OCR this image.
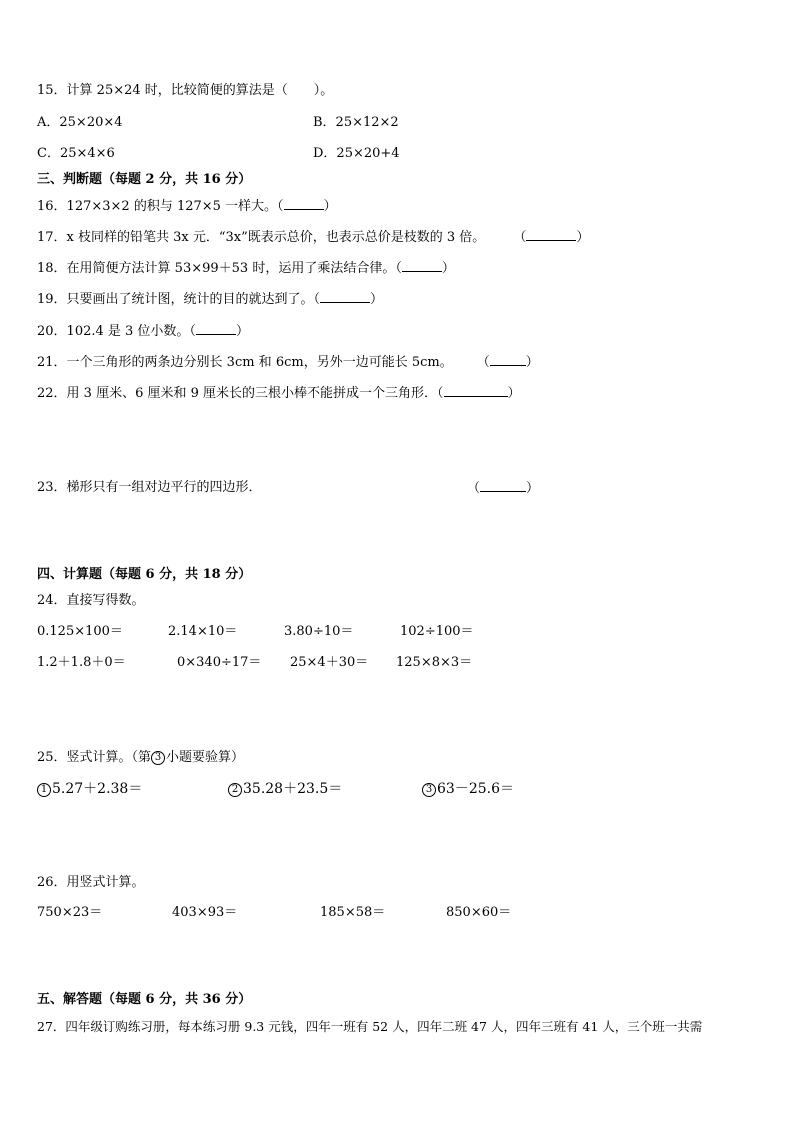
15．计算 25×24 时，比较简便的算法是（　　）。
A．25×20×4	B．25×12×2
C．25×4×6	D．25×20+4
三、判断题（每题 2 分，共 16 分）
16．127×3×2 的积与 127×5 一样大。（	）
17．x 枝同样的铅笔共 3x 元．“3x”既表示总价，也表示总价是枝数的 3 倍。 （	）
18．在用简便方法计算 53×99＋53 时，运用了乘法结合律。（	）
19．只要画出了统计图，统计的目的就达到了。（	）
20．102.4 是 3 位小数。（	）
21．一个三角形的两条边分别长 3cm 和 6cm，另外一边可能长 5cm。 （	）
22．用 3 厘米、6 厘米和 9 厘米长的三根小棒不能拼成一个三角形．（	）
23．梯形只有一组对边平行的四边形．	（	）
四、计算题（每题 6 分，共 18 分）
24．直接写得数。
0.125×100＝	2.14×10＝	3.80÷10＝	102÷100＝
1.2＋1.8＋0＝	0×340÷17＝ 25×4＋30＝ 125×8×3＝
25．竖式计算。（第 3 小题要验算）
1 5.27＋2.38＝	2 35.28＋23.5＝	3 63－25.6＝
26．用竖式计算。
750×23＝	403×93＝	185×58＝	850×60＝
五、解答题（每题 6 分，共 36 分）
27．四年级订购练习册，每本练习册 9.3 元钱，四年一班有 52 人，四年二班 47 人，四年三班有 41 人，三个班一共需
